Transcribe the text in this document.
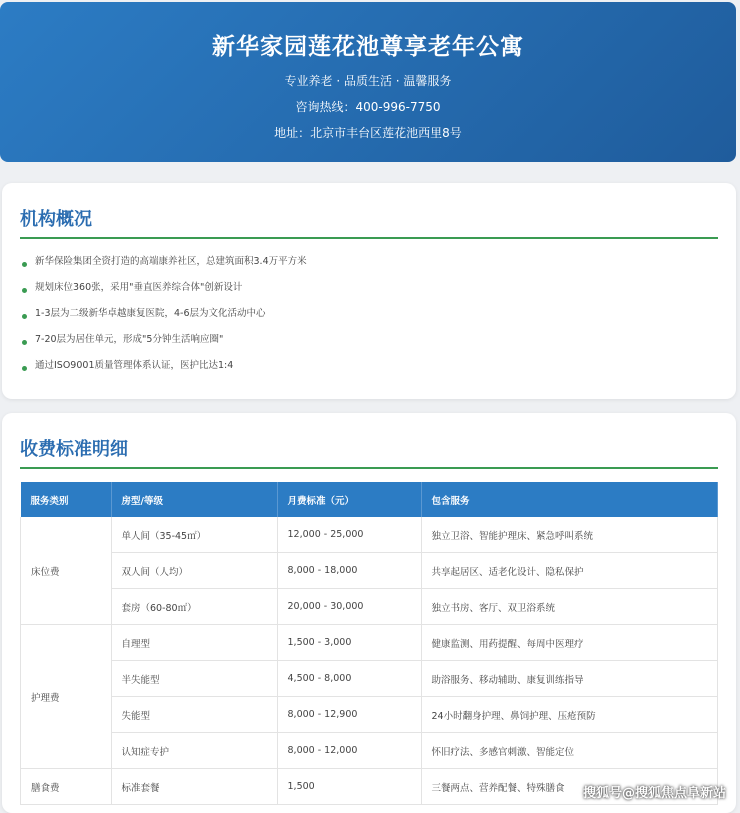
新华家园莲花池尊享老年公寓
专业养老 · 品质生活 · 温馨服务
咨询热线：400-996-7750
地址：北京市丰台区莲花池西里8号
机构概况
新华保险集团全资打造的高端康养社区，总建筑面积3.4万平方米
规划床位360张，采用"垂直医养综合体"创新设计
1-3层为二级新华卓越康复医院，4-6层为文化活动中心
7-20层为居住单元，形成"5分钟生活响应圈"
通过ISO9001质量管理体系认证，医护比达1:4
收费标准明细
服务类别	房型/等级	月费标准（元）	包含服务
床位费	单人间（35-45㎡）	12,000 - 25,000	独立卫浴、智能护理床、紧急呼叫系统
	双人间（人均）	8,000 - 18,000	共享起居区、适老化设计、隐私保护
	套房（60-80㎡）	20,000 - 30,000	独立书房、客厅、双卫浴系统
护理费	自理型	1,500 - 3,000	健康监测、用药提醒、每周中医理疗
	半失能型	4,500 - 8,000	助浴服务、移动辅助、康复训练指导
	失能型	8,000 - 12,900	24小时翻身护理、鼻饲护理、压疮预防
	认知症专护	8,000 - 12,000	怀旧疗法、多感官刺激、智能定位
膳食费	标准套餐	1,500	三餐两点、营养配餐、特殊膳食 搜狐号@搜狐焦点阜新站
